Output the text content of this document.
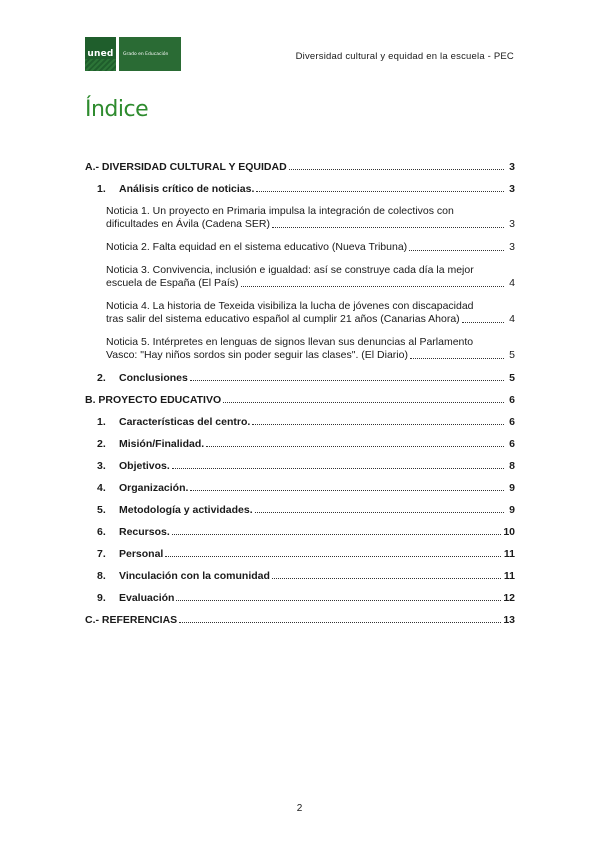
uned	Grado en Educación	Diversidad cultural y equidad en la escuela - PEC
Índice
A.- DIVERSIDAD CULTURAL Y EQUIDAD	3
1.	Análisis crítico de noticias.	3
Noticia 1. Un proyecto en Primaria impulsa la integración de colectivos con
dificultades en Ávila (Cadena SER)	3
Noticia 2. Falta equidad en el sistema educativo (Nueva Tribuna)	3
Noticia 3. Convivencia, inclusión e igualdad: así se construye cada día la mejor
escuela de España (El País)	4
Noticia 4. La historia de Texeida visibiliza la lucha de jóvenes con discapacidad
tras salir del sistema educativo español al cumplir 21 años (Canarias Ahora)	4
Noticia 5. Intérpretes en lenguas de signos llevan sus denuncias al Parlamento
Vasco: "Hay niños sordos sin poder seguir las clases". (El Diario)	5
2.	Conclusiones	5
B. PROYECTO EDUCATIVO	6
1.	Características del centro.	6
2.	Misión/Finalidad.	6
3.	Objetivos.	8
4.	Organización.	9
5.	Metodología y actividades.	9
6.	Recursos.	10
7.	Personal	11
8.	Vinculación con la comunidad	11
9.	Evaluación	12
C.- REFERENCIAS	13
2
